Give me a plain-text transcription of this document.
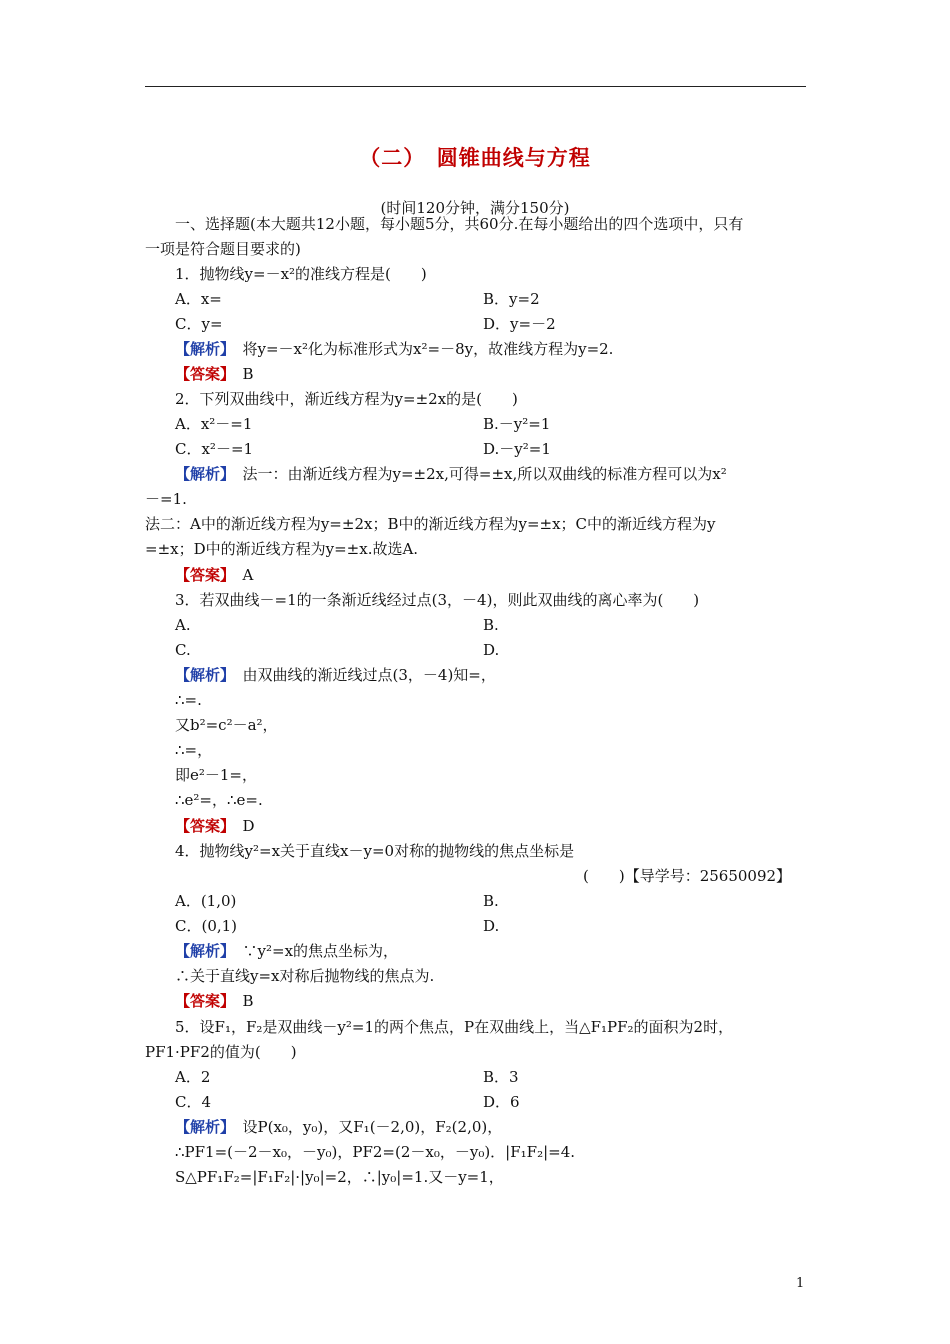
（二）　圆锥曲线与方程
(时间120分钟，满分150分)
一、选择题(本大题共12小题，每小题5分，共60分.在每小题给出的四个选项中，只有
一项是符合题目要求的)
1．抛物线y=－x²的准线方程是(　　)
A．x=	B．y=2
C．y=	D．y=－2
【解析】　将y=－x²化为标准形式为x²=－8y，故准线方程为y=2.
【答案】　B
2．下列双曲线中，渐近线方程为y=±2x的是(　　)
A．x²－=1	B.－y²=1
C．x²－=1	D.－y²=1
【解析】　法一：由渐近线方程为y=±2x,可得=±x,所以双曲线的标准方程可以为x²
－=1.
法二：A中的渐近线方程为y=±2x；B中的渐近线方程为y=±x；C中的渐近线方程为y
=±x；D中的渐近线方程为y=±x.故选A.
【答案】　A
3．若双曲线－=1的一条渐近线经过点(3，－4)，则此双曲线的离心率为(　　)
A.	B.
C.	D.
【解析】　由双曲线的渐近线过点(3，－4)知=，
∴=.
又b²=c²－a²，
∴=，
即e²－1=，
∴e²=，∴e=.
【答案】　D
4．抛物线y²=x关于直线x－y=0对称的抛物线的焦点坐标是
(　　)【导学号：25650092】
A．(1,0)	B.
C．(0,1)	D.
【解析】　∵y²=x的焦点坐标为，
∴关于直线y=x对称后抛物线的焦点为.
【答案】　B
5．设F₁，F₂是双曲线－y²=1的两个焦点，P在双曲线上，当△F₁PF₂的面积为2时，
PF1·PF2的值为(　　)
A．2	B．3
C．4	D．6
【解析】　设P(x₀，y₀)，又F₁(－2,0)，F₂(2,0)，
∴PF1=(－2－x₀，－y₀)，PF2=(2－x₀，－y₀)．|F₁F₂|=4.
S△PF₁F₂=|F₁F₂|·|y₀|=2，∴|y₀|=1.又－y=1，
1
